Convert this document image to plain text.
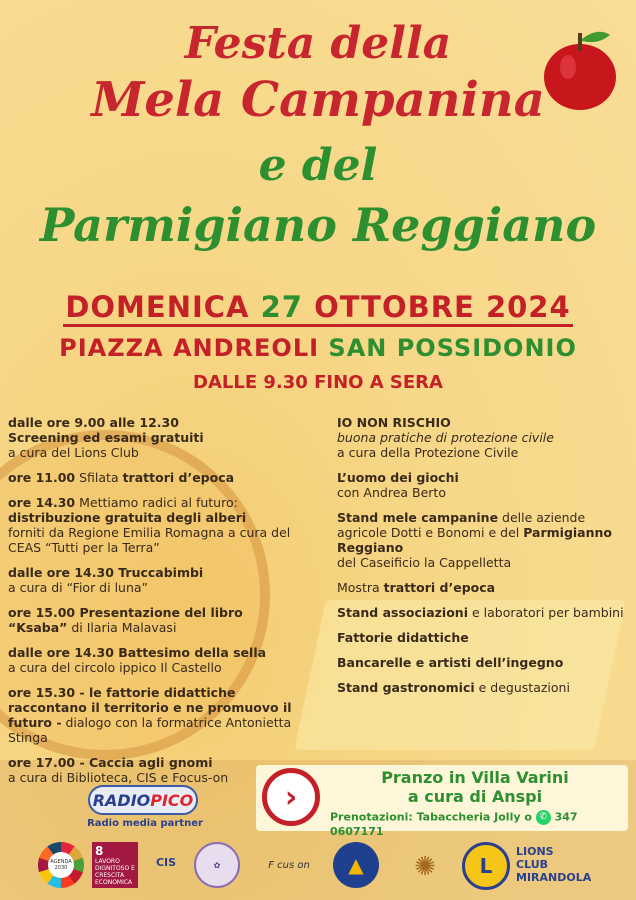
Festa della
Mela Campanina
e del
Parmigiano Reggiano
DOMENICA 27 OTTOBRE 2024
PIAZZA ANDREOLI SAN POSSIDONIO
DALLE 9.30 FINO A SERA
dalle ore 9.00 alle 12.30
Screening ed esami gratuiti
a cura del Lions Club
ore 11.00 Sfilata trattori d’epoca
ore 14.30 Mettiamo radici al futuro:
distribuzione gratuita degli alberi
forniti da Regione Emilia Romagna a cura del CEAS “Tutti per la Terra”
dalle ore 14.30 Truccabimbi
a cura di “Fior di luna”
ore 15.00 Presentazione del libro
“Ksaba” di Ilaria Malavasi
dalle ore 14.30 Battesimo della sella
a cura del circolo ippico Il Castello
ore 15.30 - le fattorie didattiche raccontano il territorio e ne promuovo il futuro - dialogo con la formatrice Antonietta Stinga
ore 17.00 - Caccia agli gnomi
a cura di Biblioteca, CIS e Focus-on
IO NON RISCHIO
buona pratiche di protezione civile
a cura della Protezione Civile
L’uomo dei giochi
con Andrea Berto
Stand mele campanine delle aziende agricole Dotti e Bonomi e del Parmigianno Reggiano
del Caseificio la Cappelletta
Mostra trattori d’epoca
Stand associazioni e laboratori per bambini
Fattorie didattiche
Bancarelle e artisti dell’ingegno
Stand gastronomici e degustazioni
›
Pranzo in Villa Varini
a cura di Anspi
Prenotazioni: Tabaccheria Jolly o ✆ 347 0607171
RADIO PICO
Radio media partner
AGENDA 2030
8
LAVORO DIGNITOSO E CRESCITA ECONOMICA
CIS	✿	F cus on	▲	✺	L
LIONS
CLUB
MIRANDOLA
